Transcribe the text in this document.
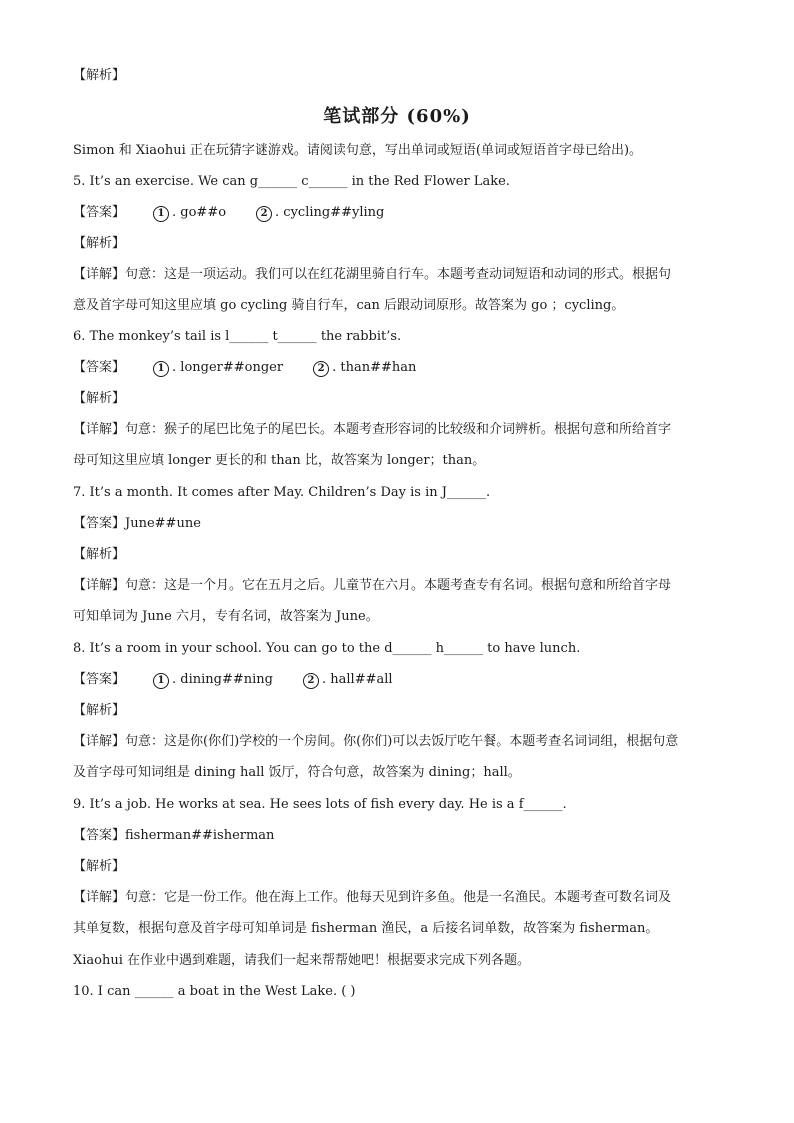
【解析】
笔试部分 (60%)
Simon 和 Xiaohui 正在玩猜字谜游戏。请阅读句意，写出单词或短语(单词或短语首字母已给出)。
5. It’s an exercise. We can g______ c______ in the Red Flower Lake.
【答案】	1 . go##o	2 . cycling##yling
【解析】
【详解】句意：这是一项运动。我们可以在红花湖里骑自行车。本题考查动词短语和动词的形式。根据句
意及首字母可知这里应填 go cycling 骑自行车，can 后跟动词原形。故答案为 go ；cycling。
6. The monkey’s tail is l______ t______ the rabbit’s.
【答案】	1 . longer##onger	2 . than##han
【解析】
【详解】句意：猴子的尾巴比兔子的尾巴长。本题考查形容词的比较级和介词辨析。根据句意和所给首字
母可知这里应填 longer 更长的和 than 比，故答案为 longer；than。
7. It’s a month. It comes after May. Children’s Day is in J______.
【答案】June##une
【解析】
【详解】句意：这是一个月。它在五月之后。儿童节在六月。本题考查专有名词。根据句意和所给首字母
可知单词为 June 六月，专有名词，故答案为 June。
8. It’s a room in your school. You can go to the d______ h______ to have lunch.
【答案】	1 . dining##ning	2 . hall##all
【解析】
【详解】句意：这是你(你们)学校的一个房间。你(你们)可以去饭厅吃午餐。本题考查名词词组，根据句意
及首字母可知词组是 dining hall 饭厅，符合句意，故答案为 dining；hall。
9. It’s a job. He works at sea. He sees lots of fish every day. He is a f______.
【答案】fisherman##isherman
【解析】
【详解】句意：它是一份工作。他在海上工作。他每天见到许多鱼。他是一名渔民。本题考查可数名词及
其单复数，根据句意及首字母可知单词是 fisherman 渔民，a 后接名词单数，故答案为 fisherman。
Xiaohui 在作业中遇到难题，请我们一起来帮帮她吧！根据要求完成下列各题。
10. I can ______ a boat in the West Lake. ( )
